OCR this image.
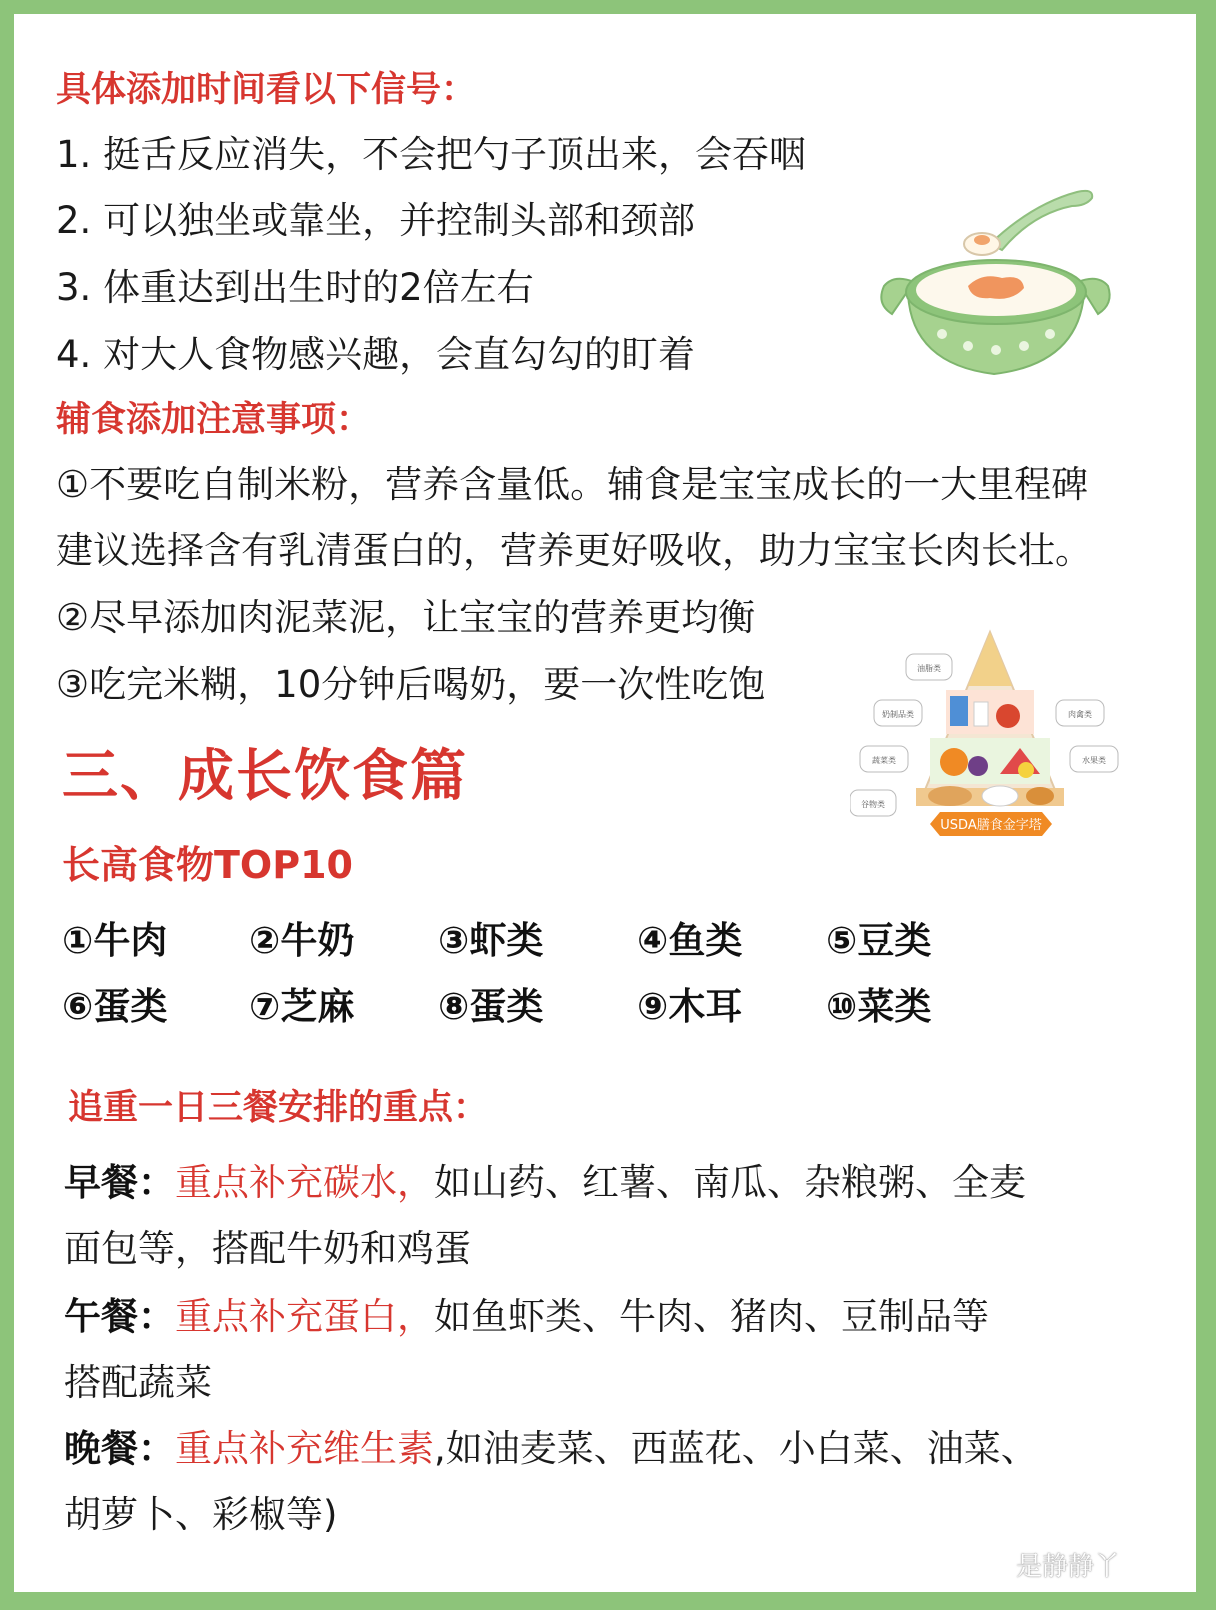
具体添加时间看以下信号：
1. 挺舌反应消失，不会把勺子顶出来，会吞咽
2. 可以独坐或靠坐，并控制头部和颈部
3. 体重达到出生时的2倍左右
4. 对大人食物感兴趣，会直勾勾的盯着
辅食添加注意事项：
①不要吃自制米粉，营养含量低。辅食是宝宝成长的一大里程碑
建议选择含有乳清蛋白的，营养更好吸收，助力宝宝长肉长壮。
②尽早添加肉泥菜泥，让宝宝的营养更均衡
③吃完米糊，10分钟后喝奶，要一次性吃饱
三、成长饮食篇
长高食物TOP10
USDA膳食金字塔
油脂类
奶制品类	肉禽类
蔬菜类	水果类
谷物类
①牛肉 ②牛奶 ③虾类	④鱼类 ⑤豆类
⑥蛋类 ⑦芝麻 ⑧蛋类	⑨木耳 ⑩菜类
追重一日三餐安排的重点：
早餐：重点补充碳水，如山药、红薯、南瓜、杂粮粥、全麦
面包等，搭配牛奶和鸡蛋
午餐：重点补充蛋白，如鱼虾类、牛肉、猪肉、豆制品等
搭配蔬菜
晚餐：重点补充维生素,如油麦菜、西蓝花、小白菜、油菜、
胡萝卜、彩椒等)
是静静丫
